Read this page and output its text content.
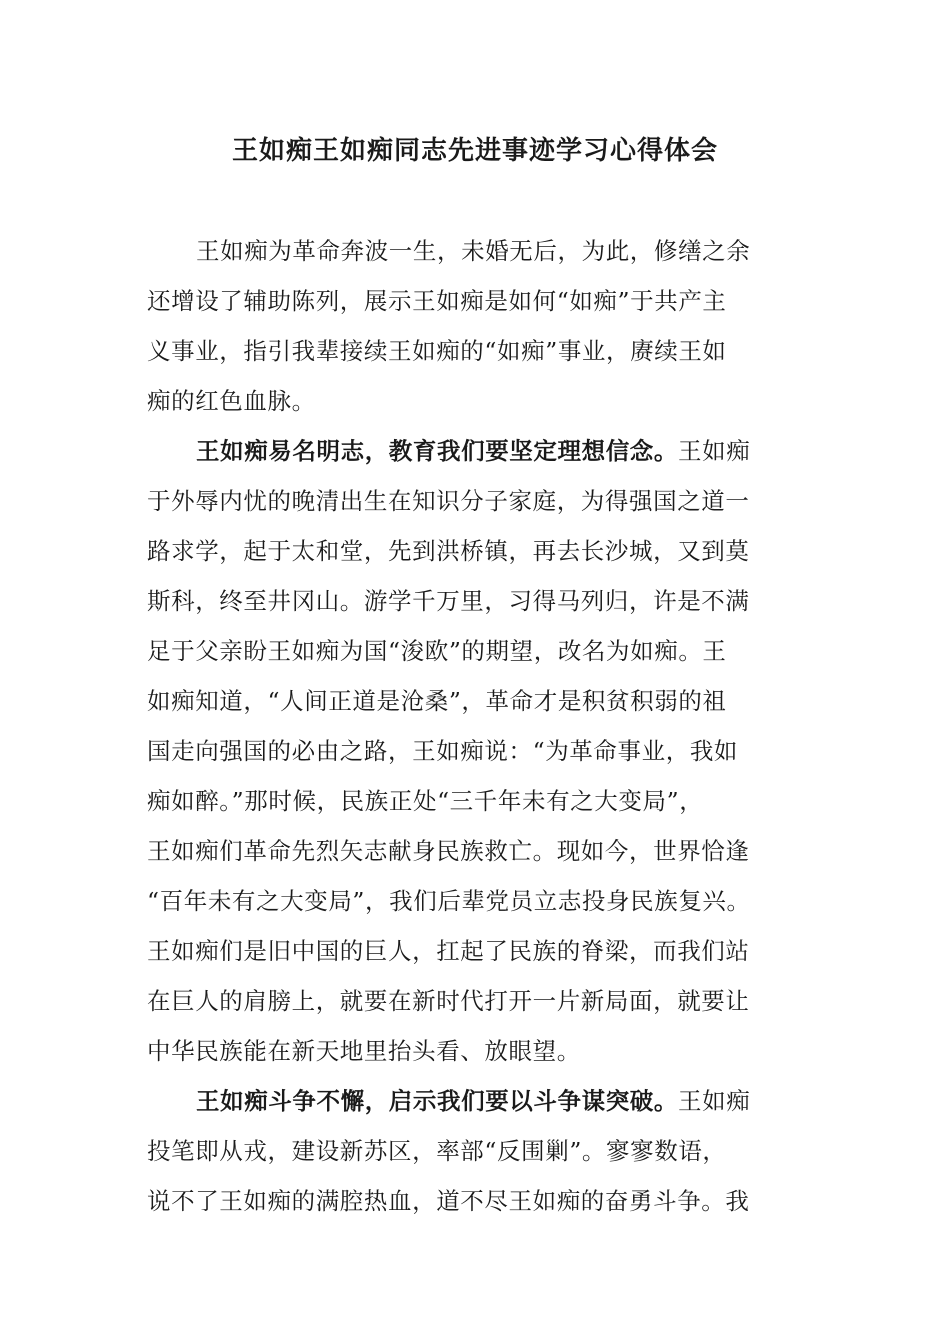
王如痴王如痴同志先进事迹学习心得体会
王如痴为革命奔波一生，未婚无后，为此，修缮之余
还增设了辅助陈列，展示王如痴是如何“如痴”于共产主
义事业，指引我辈接续王如痴的“如痴”事业，赓续王如
痴的红色血脉。
王如痴易名明志，教育我们要坚定理想信念。王如痴
于外辱内忧的晚清出生在知识分子家庭，为得强国之道一
路求学，起于太和堂，先到洪桥镇，再去长沙城，又到莫
斯科，终至井冈山。游学千万里，习得马列归，许是不满
足于父亲盼王如痴为国“浚欧”的期望，改名为如痴。王
如痴知道，“人间正道是沧桑”，革命才是积贫积弱的祖
国走向强国的必由之路，王如痴说：“为革命事业，我如
痴如醉。”那时候，民族正处“三千年未有之大变局”，
王如痴们革命先烈矢志献身民族救亡。现如今，世界恰逢
“百年未有之大变局”，我们后辈党员立志投身民族复兴。
王如痴们是旧中国的巨人，扛起了民族的脊梁，而我们站
在巨人的肩膀上，就要在新时代打开一片新局面，就要让
中华民族能在新天地里抬头看、放眼望。
王如痴斗争不懈，启示我们要以斗争谋突破。王如痴
投笔即从戎，建设新苏区，率部“反围剿”。寥寥数语，
说不了王如痴的满腔热血，道不尽王如痴的奋勇斗争。我
